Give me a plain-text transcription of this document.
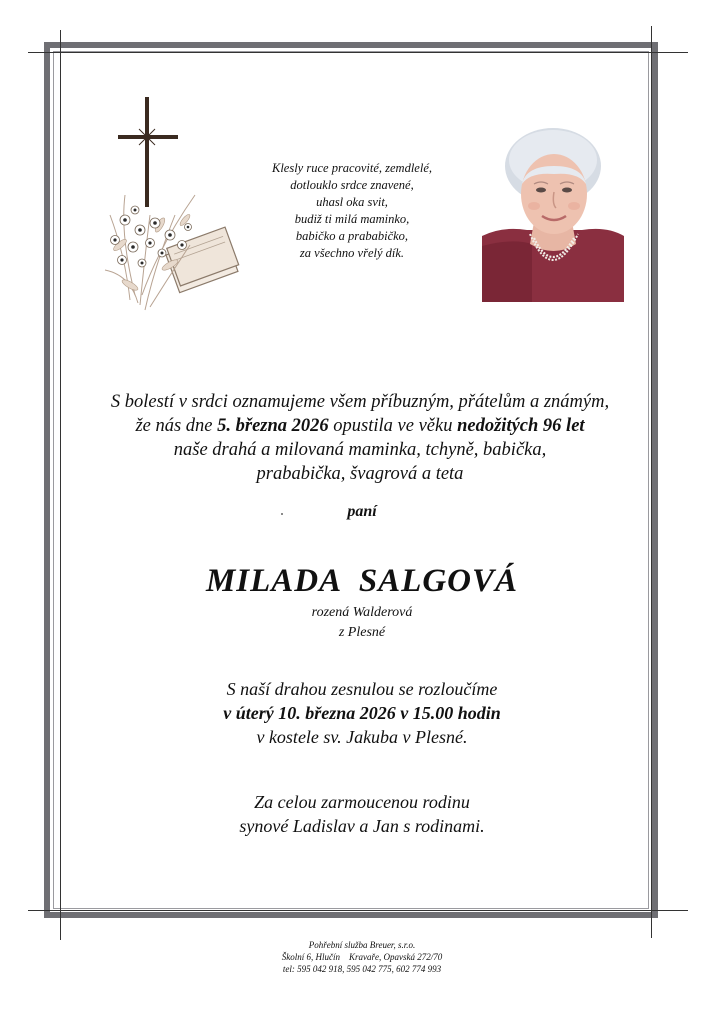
Klesly ruce pracovité, zemdlelé,
dotlouklo srdce znavené,
uhasl oka svit,
budiž ti milá maminko,
babičko a prababičko,
za všechno vřelý dík.
S bolestí v srdci oznamujeme všem příbuzným, přátelům a známým,
že nás dne 5. března 2026 opustila ve věku nedožitých 96 let
naše drahá a milovaná maminka, tchyně, babička,
prababička, švagrová a teta
paní
MILADA  SALGOVÁ
rozená Walderová
z Plesné
S naší drahou zesnulou se rozloučíme
v úterý 10. března 2026 v 15.00 hodin
v kostele sv. Jakuba v Plesné.
Za celou zarmoucenou rodinu
synové Ladislav a Jan s rodinami.
Pohřební služba Breuer, s.r.o.
Školní 6, Hlučín    Kravaře, Opavská 272/70
tel: 595 042 918, 595 042 775, 602 774 993
